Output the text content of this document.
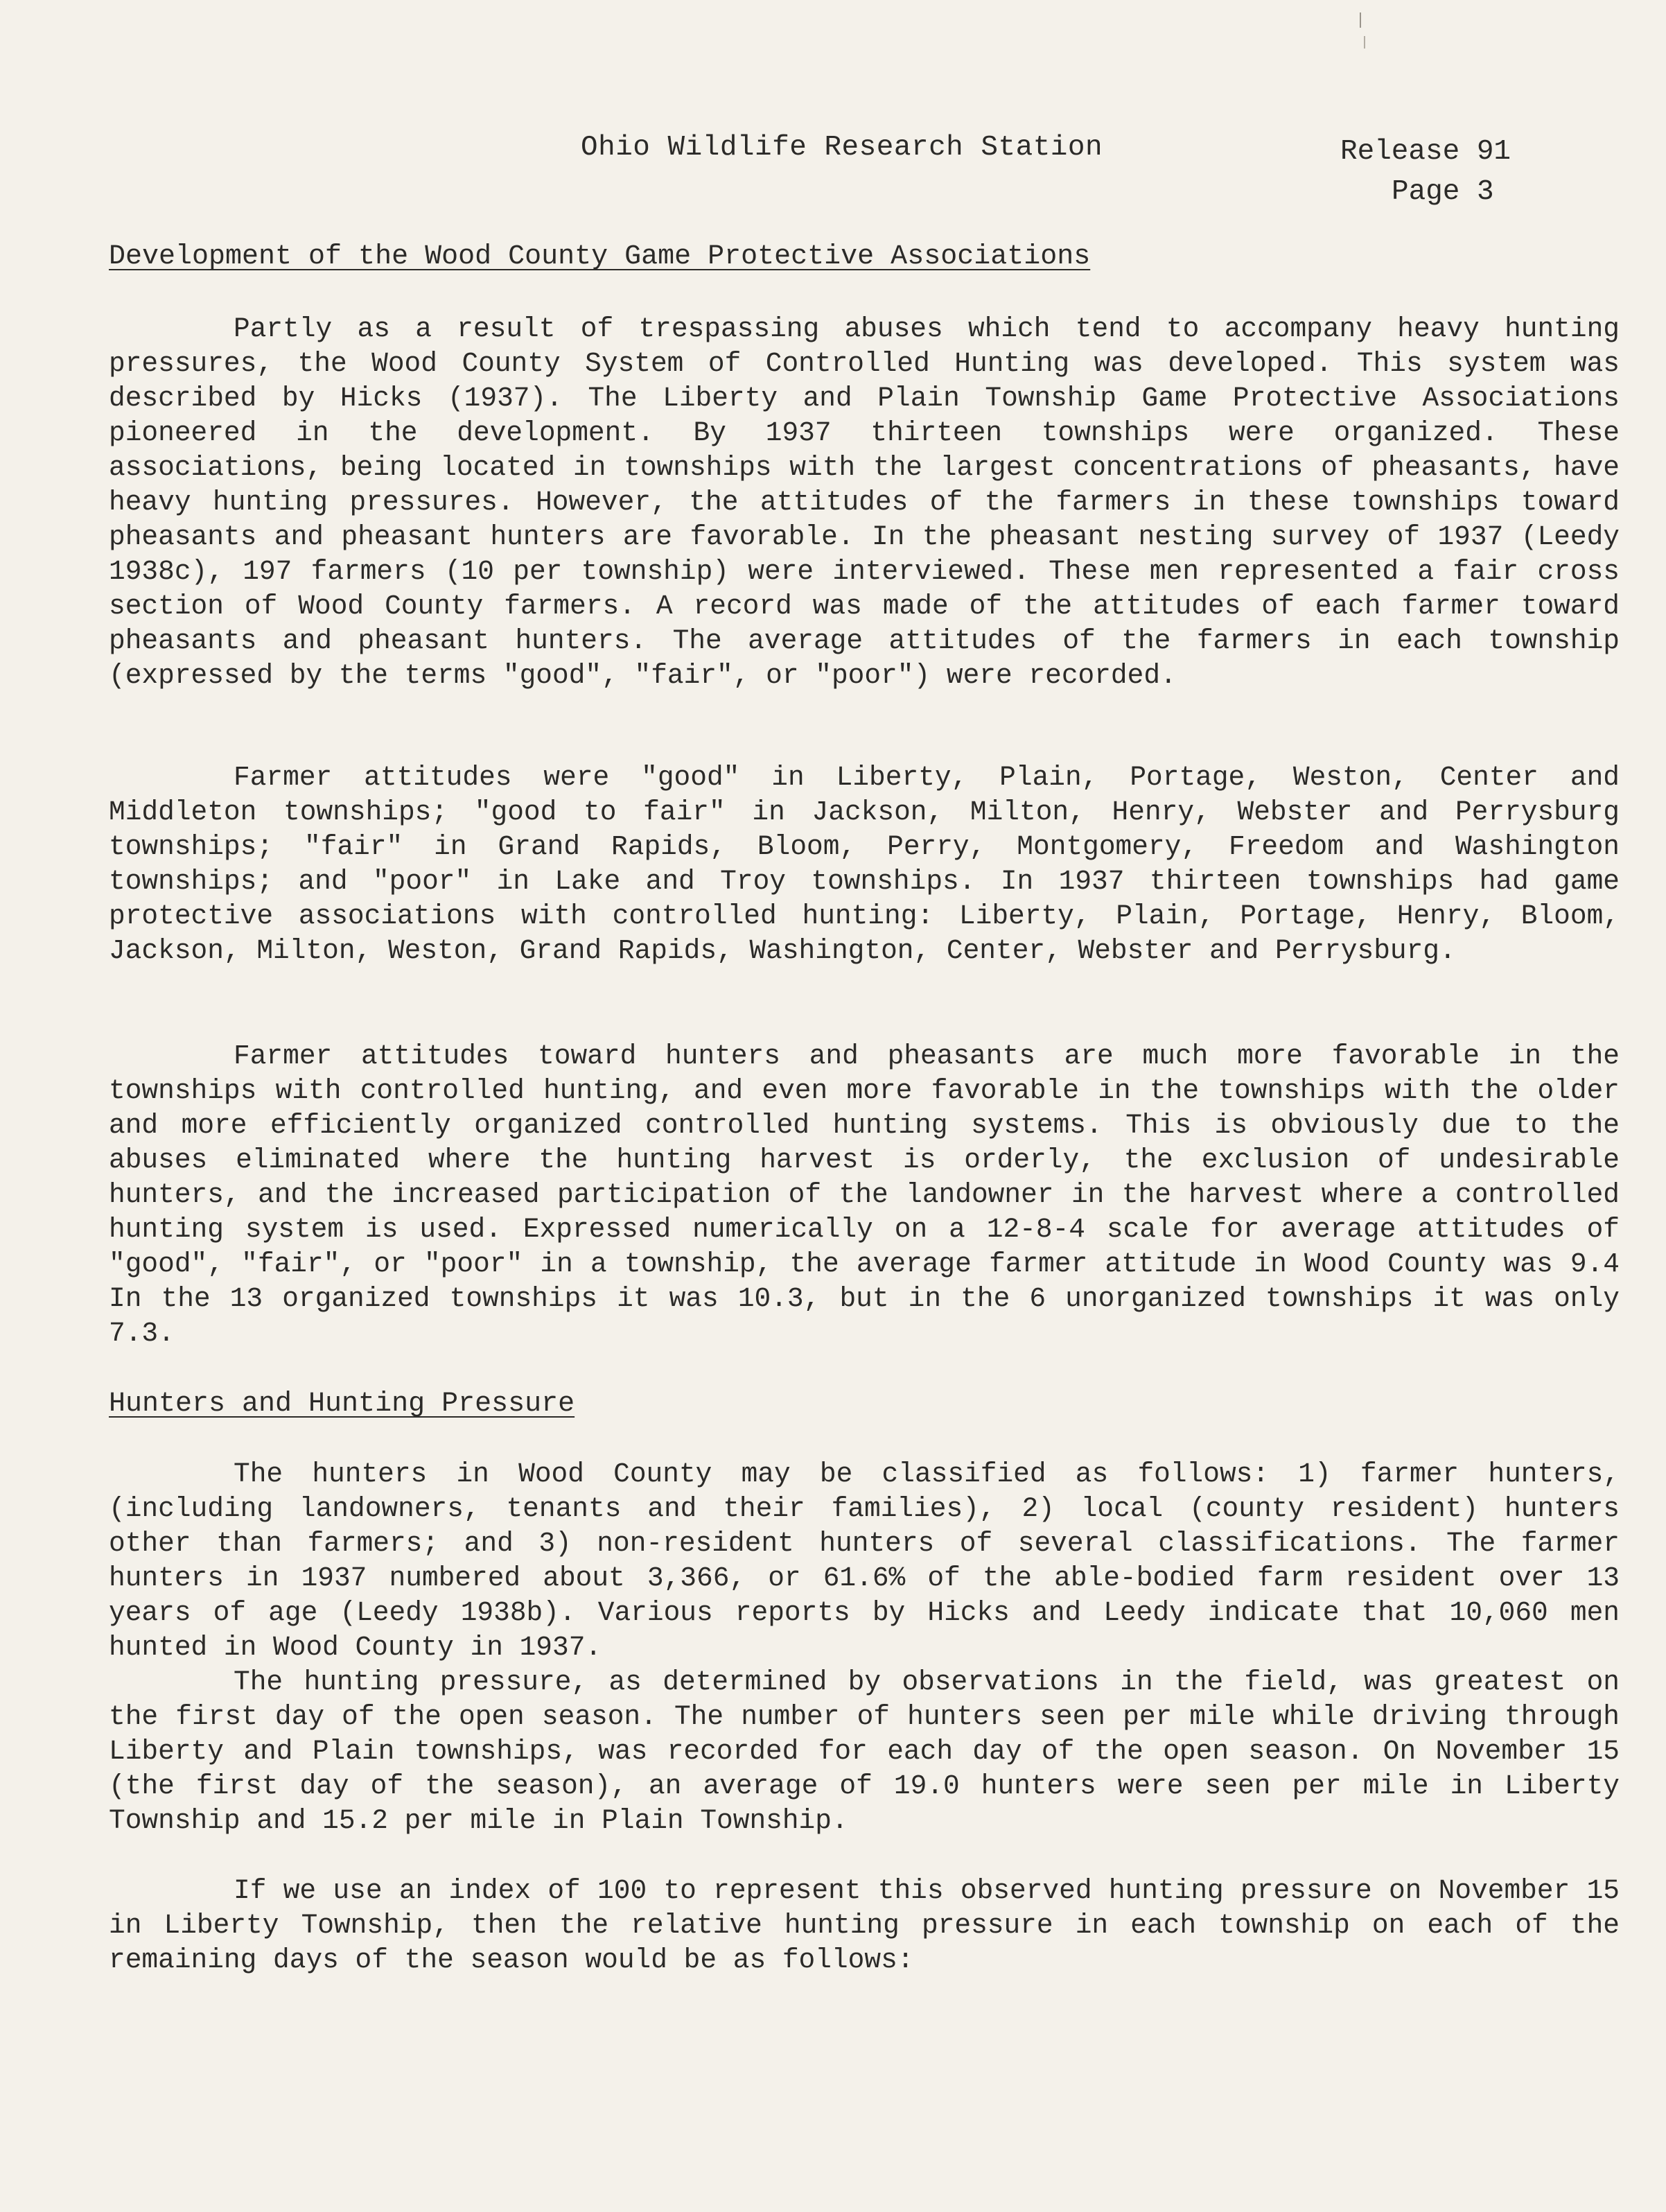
Ohio Wildlife Research Station	Release 91
Page 3
Development of the Wood County Game Protective Associations
Partly as a result of trespassing abuses which tend to accompany heavy hunting pressures, the Wood County System of Controlled Hunting was developed. This system was described by Hicks (1937). The Liberty and Plain Township Game Protective Associations pioneered in the development. By 1937 thirteen townships were organized. These associations, being located in townships with the largest concentrations of pheasants, have heavy hunting pressures. However, the attitudes of the farmers in these townships toward pheasants and pheasant hunters are favorable. In the pheasant nesting survey of 1937 (Leedy 1938c), 197 farmers (10 per township) were interviewed. These men represented a fair cross section of Wood County farmers. A record was made of the attitudes of each farmer toward pheasants and pheasant hunters. The average attitudes of the farmers in each township (expressed by the terms "good", "fair", or "poor") were recorded.
Farmer attitudes were "good" in Liberty, Plain, Portage, Weston, Center and Middleton townships; "good to fair" in Jackson, Milton, Henry, Webster and Perrysburg townships; "fair" in Grand Rapids, Bloom, Perry, Montgomery, Freedom and Washington townships; and "poor" in Lake and Troy townships. In 1937 thirteen townships had game protective associations with controlled hunting: Liberty, Plain, Portage, Henry, Bloom, Jackson, Milton, Weston, Grand Rapids, Washington, Center, Webster and Perrysburg.
Farmer attitudes toward hunters and pheasants are much more favorable in the townships with controlled hunting, and even more favorable in the townships with the older and more efficiently organized controlled hunting systems. This is obviously due to the abuses eliminated where the hunting harvest is orderly, the exclusion of undesirable hunters, and the increased participation of the landowner in the harvest where a controlled hunting system is used. Expressed numerically on a 12-8-4 scale for average attitudes of "good", "fair", or "poor" in a township, the average farmer attitude in Wood County was 9.4 In the 13 organized townships it was 10.3, but in the 6 unorganized townships it was only 7.3.
Hunters and Hunting Pressure
The hunters in Wood County may be classified as follows: 1) farmer hunters, (including landowners, tenants and their families), 2) local (county resident) hunters other than farmers; and 3) non-resident hunters of several classifications. The farmer hunters in 1937 numbered about 3,366, or 61.6% of the able-bodied farm resident over 13 years of age (Leedy 1938b). Various reports by Hicks and Leedy indicate that 10,060 men hunted in Wood County in 1937.
The hunting pressure, as determined by observations in the field, was greatest on the first day of the open season. The number of hunters seen per mile while driving through Liberty and Plain townships, was recorded for each day of the open season. On November 15 (the first day of the season), an average of 19.0 hunters were seen per mile in Liberty Township and 15.2 per mile in Plain Township.
If we use an index of 100 to represent this observed hunting pressure on November 15 in Liberty Township, then the relative hunting pressure in each township on each of the remaining days of the season would be as follows:
